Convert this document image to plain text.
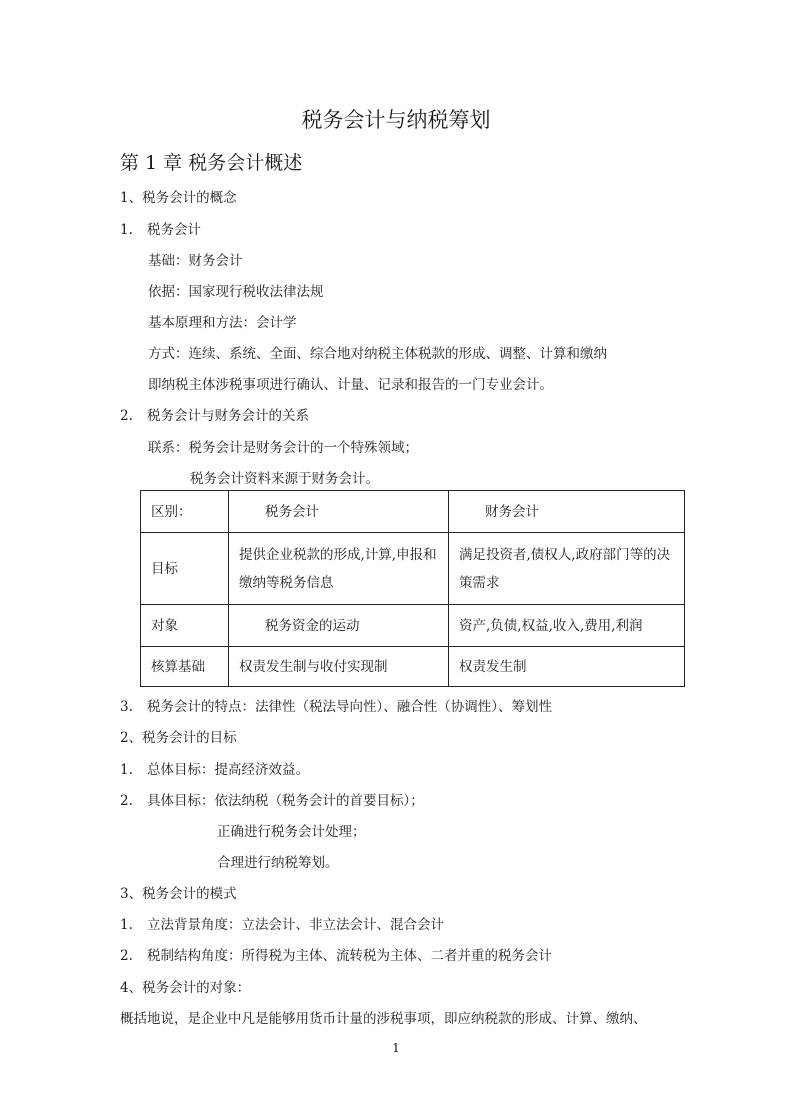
税务会计与纳税筹划
第 1 章 税务会计概述
1、税务会计的概念
1. 税务会计
基础：财务会计
依据：国家现行税收法律法规
基本原理和方法：会计学
方式：连续、系统、全面、综合地对纳税主体税款的形成、调整、计算和缴纳
即纳税主体涉税事项进行确认、计量、记录和报告的一门专业会计。
2. 税务会计与财务会计的关系
联系：税务会计是财务会计的一个特殊领域；
税务会计资料来源于财务会计。
区别：	税务会计	财务会计
目标	提供企业税款的形成,计算,申报和缴纳等税务信息	满足投资者,债权人,政府部门等的决策需求
对象	税务资金的运动	资产,负债,权益,收入,费用,利润
核算基础	权责发生制与收付实现制	权责发生制
3. 税务会计的特点：法律性（税法导向性）、融合性（协调性）、筹划性
2、税务会计的目标
1. 总体目标：提高经济效益。
2. 具体目标：依法纳税（税务会计的首要目标）；
正确进行税务会计处理；
合理进行纳税筹划。
3、税务会计的模式
1. 立法背景角度：立法会计、非立法会计、混合会计
2. 税制结构角度：所得税为主体、流转税为主体、二者并重的税务会计
4、税务会计的对象：
概括地说，是企业中凡是能够用货币计量的涉税事项，即应纳税款的形成、计算、缴纳、
1
